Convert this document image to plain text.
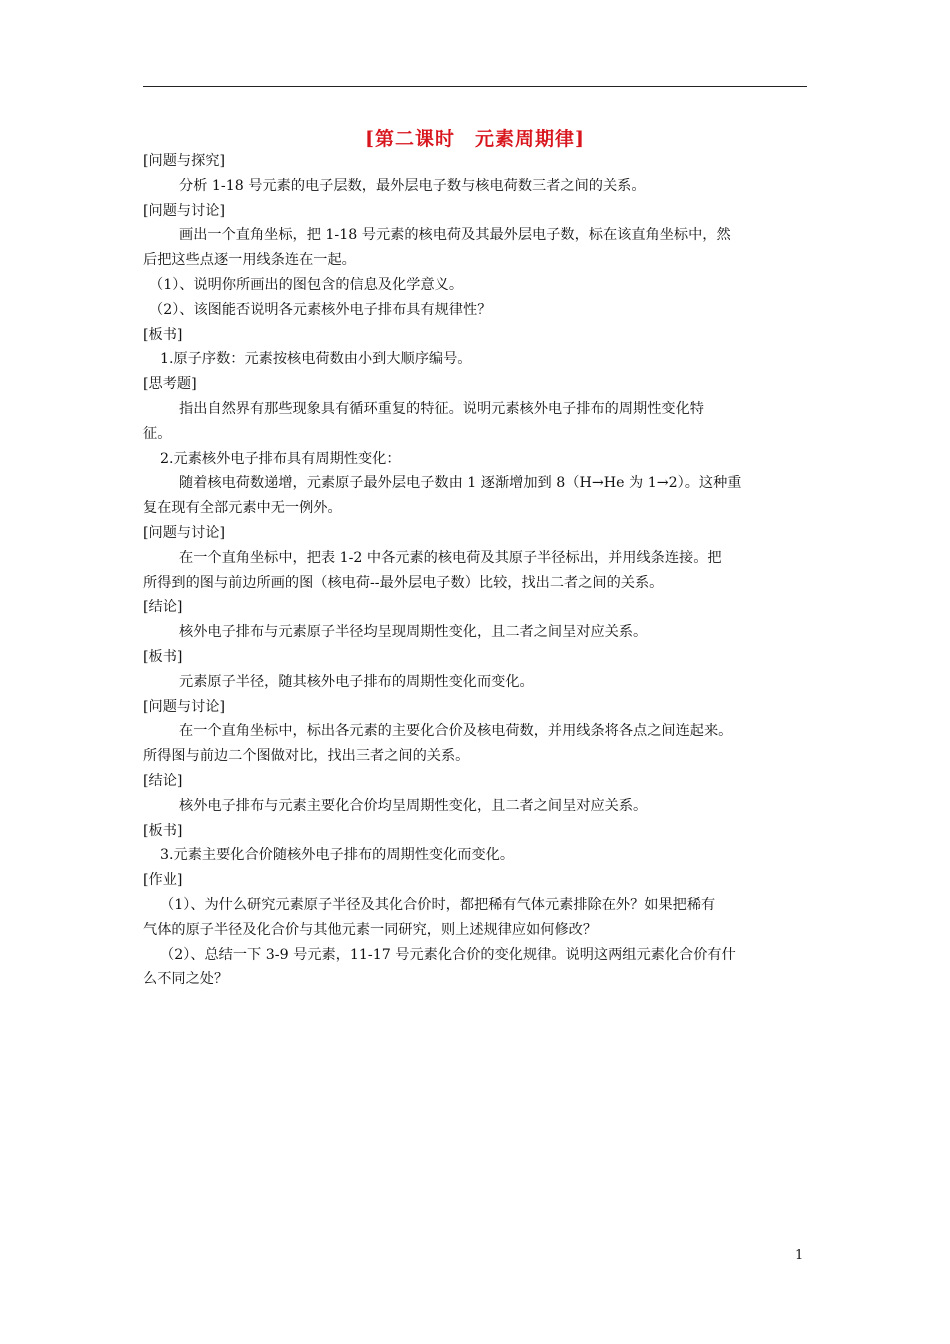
[第二课时　元素周期律]

[问题与探究]

分析 1-18 号元素的电子层数，最外层电子数与核电荷数三者之间的关系。

[问题与讨论]

画出一个直角坐标，把 1-18 号元素的核电荷及其最外层电子数，标在该直角坐标中，然

后把这些点逐一用线条连在一起。

（1）、说明你所画出的图包含的信息及化学意义。

（2）、该图能否说明各元素核外电子排布具有规律性？

[板书]

1.原子序数：元素按核电荷数由小到大顺序编号。

[思考题]

指出自然界有那些现象具有循环重复的特征。说明元素核外电子排布的周期性变化特

征。

2.元素核外电子排布具有周期性变化：

随着核电荷数递增，元素原子最外层电子数由 1 逐渐增加到 8（H→He 为 1→2）。这种重

复在现有全部元素中无一例外。

[问题与讨论]

在一个直角坐标中，把表 1-2 中各元素的核电荷及其原子半径标出，并用线条连接。把

所得到的图与前边所画的图（核电荷--最外层电子数）比较，找出二者之间的关系。

[结论]

核外电子排布与元素原子半径均呈现周期性变化，且二者之间呈对应关系。

[板书]

元素原子半径，随其核外电子排布的周期性变化而变化。

[问题与讨论]

在一个直角坐标中，标出各元素的主要化合价及核电荷数，并用线条将各点之间连起来。

所得图与前边二个图做对比，找出三者之间的关系。

[结论]

核外电子排布与元素主要化合价均呈周期性变化，且二者之间呈对应关系。

[板书]

3.元素主要化合价随核外电子排布的周期性变化而变化。

[作业]

（1）、为什么研究元素原子半径及其化合价时，都把稀有气体元素排除在外？如果把稀有

气体的原子半径及化合价与其他元素一同研究，则上述规律应如何修改？

（2）、总结一下 3-9 号元素，11-17 号元素化合价的变化规律。说明这两组元素化合价有什

么不同之处？

1
